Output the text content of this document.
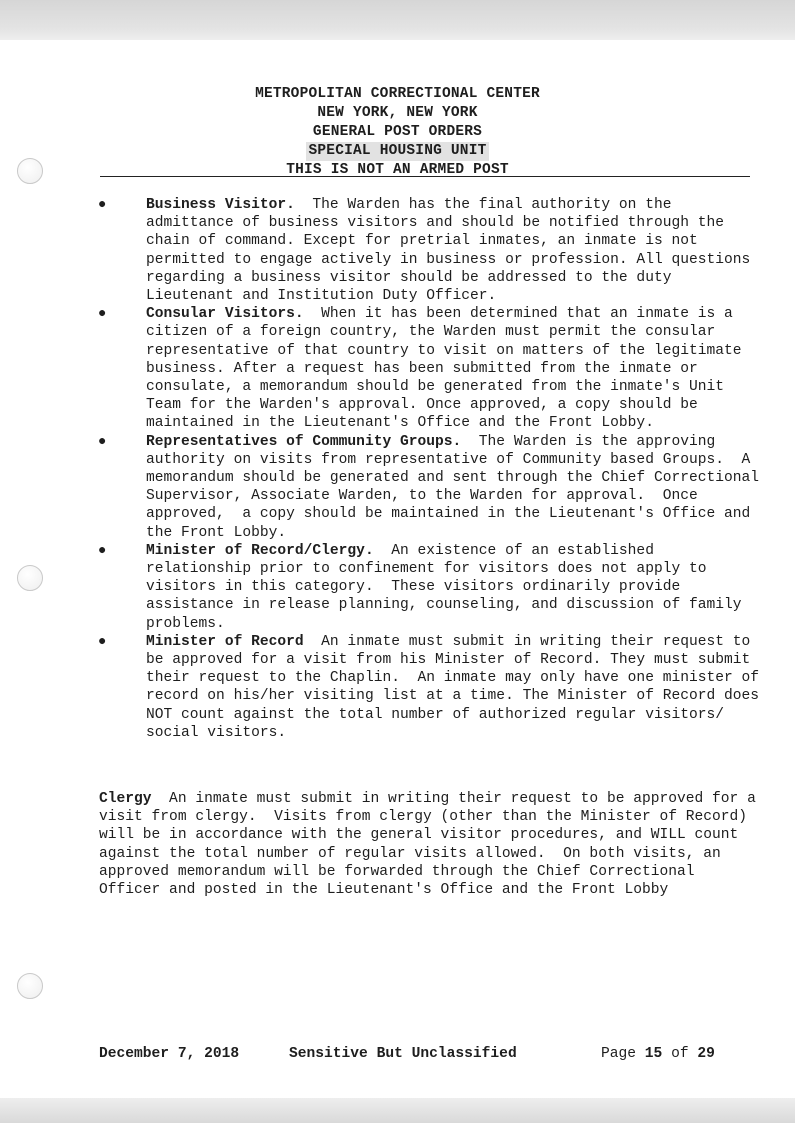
METROPOLITAN CORRECTIONAL CENTER
NEW YORK, NEW YORK
GENERAL POST ORDERS
SPECIAL HOUSING UNIT
THIS IS NOT AN ARMED POST
●	Business Visitor.  The Warden has the final authority on the admittance of business visitors and should be notified through the chain of command. Except for pretrial inmates, an inmate is not permitted to engage actively in business or profession. All questions regarding a business visitor should be addressed to the duty Lieutenant and Institution Duty Officer.
●	Consular Visitors.  When it has been determined that an inmate is a citizen of a foreign country, the Warden must permit the consular representative of that country to visit on matters of the legitimate business. After a request has been submitted from the inmate or consulate, a memorandum should be generated from the inmate's Unit Team for the Warden's approval. Once approved, a copy should be maintained in the Lieutenant's Office and the Front Lobby.
●	Representatives of Community Groups.  The Warden is the approving authority on visits from representative of Community based Groups.  A memorandum should be generated and sent through the Chief Correctional Supervisor, Associate Warden, to the Warden for approval.  Once approved,  a copy should be maintained in the Lieutenant's Office and the Front Lobby.
●	Minister of Record/Clergy.  An existence of an established relationship prior to confinement for visitors does not apply to visitors in this category.  These visitors ordinarily provide assistance in release planning, counseling, and discussion of family problems.
●	Minister of Record  An inmate must submit in writing their request to be approved for a visit from his Minister of Record. They must submit their request to the Chaplin.  An inmate may only have one minister of record on his/her visiting list at a time. The Minister of Record does NOT count against the total number of authorized regular visitors/ social visitors.
Clergy  An inmate must submit in writing their request to be approved for a visit from clergy.  Visits from clergy (other than the Minister of Record) will be in accordance with the general visitor procedures, and WILL count against the total number of regular visits allowed.  On both visits, an approved memorandum will be forwarded through the Chief Correctional Officer and posted in the Lieutenant's Office and the Front Lobby
December 7, 2018	Sensitive But Unclassified	Page 15 of 29
